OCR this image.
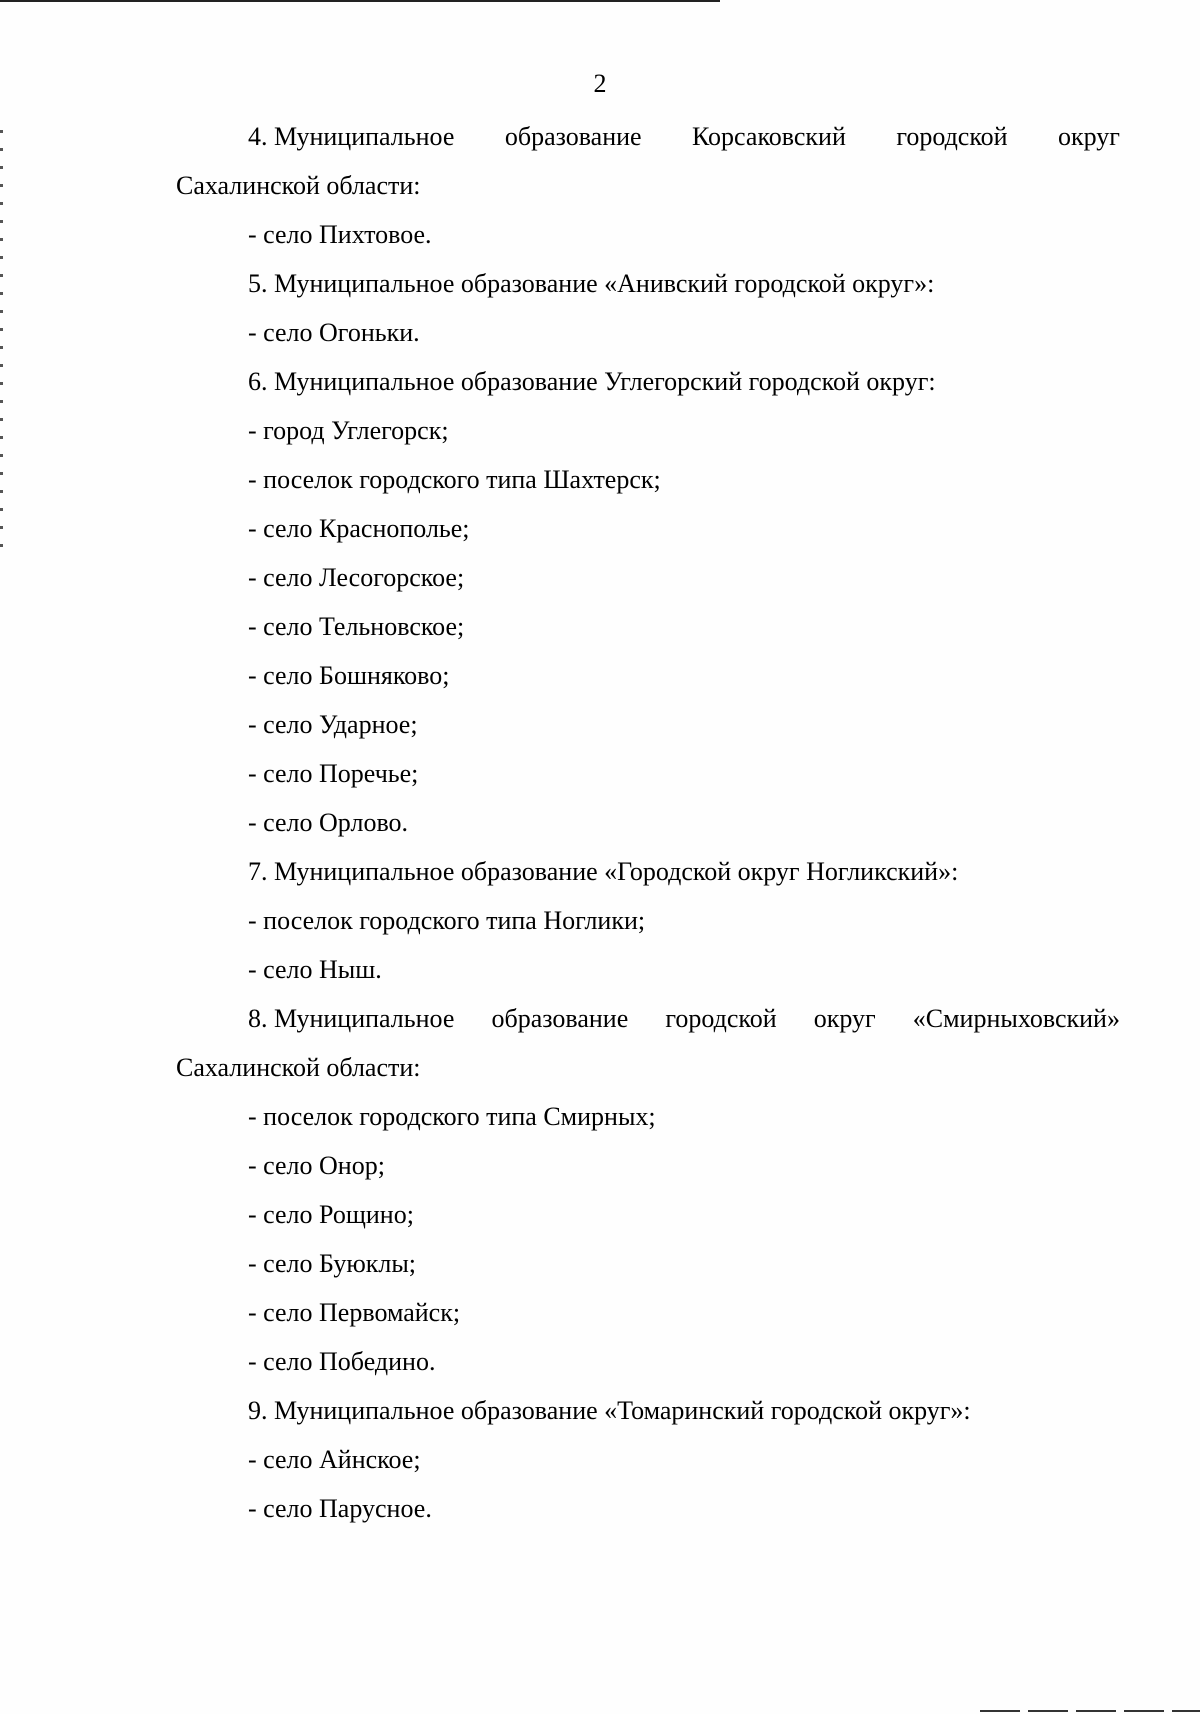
2
4. Муниципальное образование Корсаковский городской округ
Сахалинской области:
- село Пихтовое.
5. Муниципальное образование «Анивский городской округ»:
- село Огоньки.
6. Муниципальное образование Углегорский городской округ:
- город Углегорск;
- поселок городского типа Шахтерск;
- село Краснополье;
- село Лесогорское;
- село Тельновское;
- село Бошняково;
- село Ударное;
- село Поречье;
- село Орлово.
7. Муниципальное образование «Городской округ Ногликский»:
- поселок городского типа Ноглики;
- село Ныш.
8. Муниципальное образование городской округ «Смирныховский»
Сахалинской области:
- поселок городского типа Смирных;
- село Онор;
- село Рощино;
- село Буюклы;
- село Первомайск;
- село Победино.
9. Муниципальное образование «Томаринский городской округ»:
- село Айнское;
- село Парусное.
